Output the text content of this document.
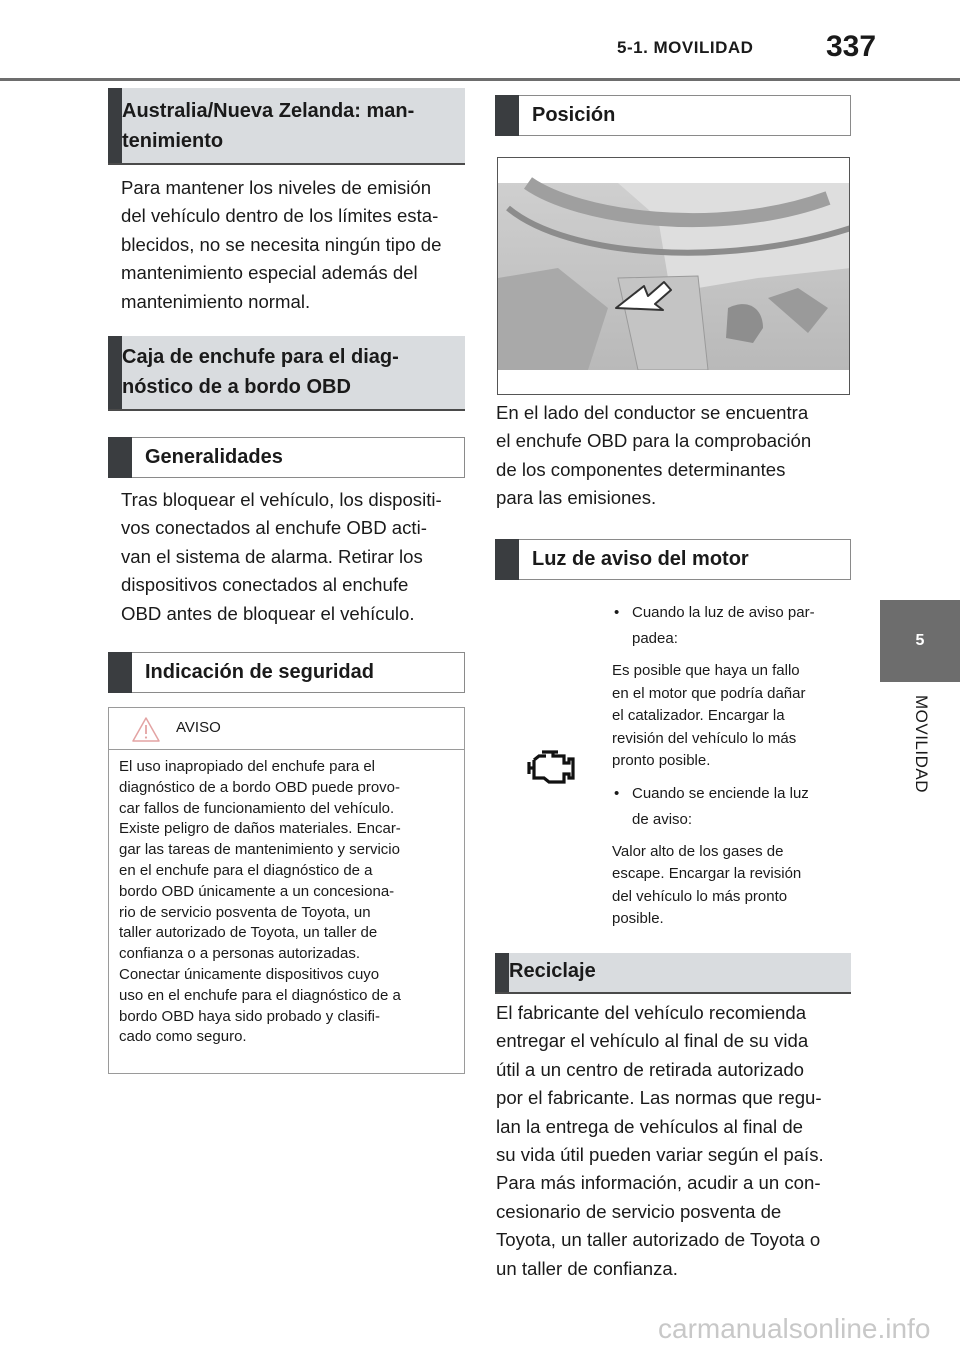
5-1. MOVILIDAD 337
5
MOVILIDAD
Australia/Nueva Zelanda: man-
tenimiento

Para mantener los niveles de emisión
del vehículo dentro de los límites esta-
blecidos, no se necesita ningún tipo de
mantenimiento especial además del
mantenimiento normal.

Caja de enchufe para el diag-
nóstico de a bordo OBD
Generalidades

Tras bloquear el vehículo, los dispositi-
vos conectados al enchufe OBD acti-
van el sistema de alarma. Retirar los
dispositivos conectados al enchufe
OBD antes de bloquear el vehículo.

Indicación de seguridad
AVISO

El uso inapropiado del enchufe para el
diagnóstico de a bordo OBD puede provo-
car fallos de funcionamiento del vehículo.
Existe peligro de daños materiales. Encar-
gar las tareas de mantenimiento y servicio
en el enchufe para el diagnóstico de a
bordo OBD únicamente a un concesiona-
rio de servicio posventa de Toyota, un
taller autorizado de Toyota, un taller de
confianza o a personas autorizadas.
Conectar únicamente dispositivos cuyo
uso en el enchufe para el diagnóstico de a
bordo OBD haya sido probado y clasifi-
cado como seguro.

Posición

En el lado del conductor se encuentra
el enchufe OBD para la comprobación
de los componentes determinantes
para las emisiones.

Luz de aviso del motor
• Cuando la luz de aviso par-
padea:

Es posible que haya un fallo
en el motor que podría dañar
el catalizador. Encargar la
revisión del vehículo lo más
pronto posible.

• Cuando se enciende la luz
de aviso:

Valor alto de los gases de
escape. Encargar la revisión
del vehículo lo más pronto
posible.

Reciclaje

El fabricante del vehículo recomienda
entregar el vehículo al final de su vida
útil a un centro de retirada autorizado
por el fabricante. Las normas que regu-
lan la entrega de vehículos al final de
su vida útil pueden variar según el país.
Para más información, acudir a un con-
cesionario de servicio posventa de
Toyota, un taller autorizado de Toyota o
un taller de confianza.

carmanualsonline.info
